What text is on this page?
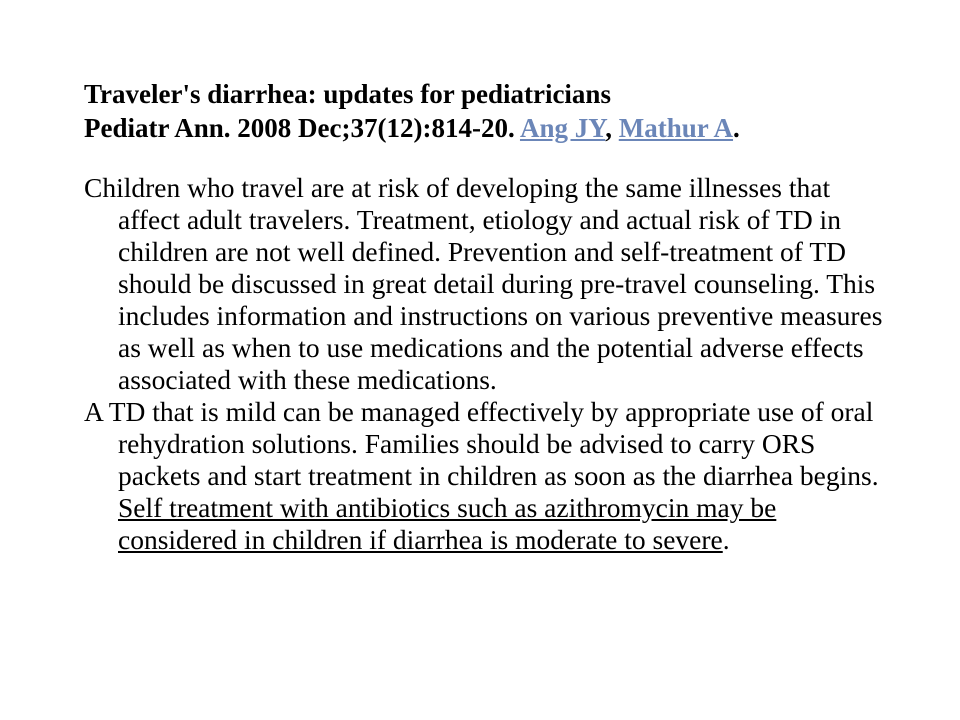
Traveler's diarrhea: updates for pediatricians

Pediatr Ann. 2008 Dec;37(12):814-20. Ang JY, Mathur A.

Children who travel are at risk of developing the same illnesses that affect adult travelers. Treatment, etiology and actual risk of TD in children are not well defined. Prevention and self-treatment of TD should be discussed in great detail during pre-travel counseling. This includes information and instructions on various preventive measures as well as when to use medications and the potential adverse effects associated with these medications.

A TD that is mild can be managed effectively by appropriate use of oral rehydration solutions. Families should be advised to carry ORS packets and start treatment in children as soon as the diarrhea begins. Self treatment with antibiotics such as azithromycin may be considered in children if diarrhea is moderate to severe.
